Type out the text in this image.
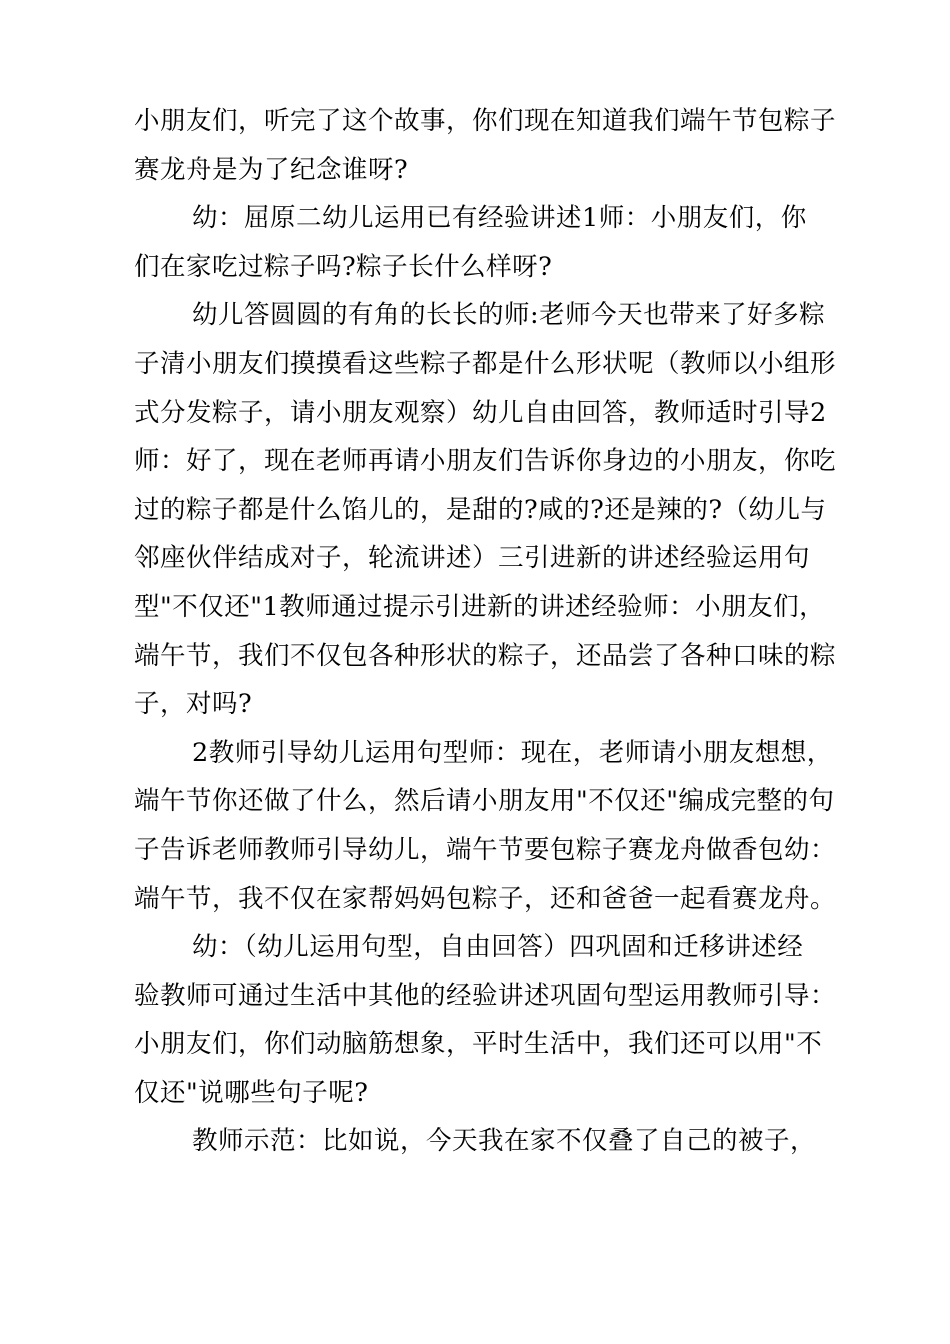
小朋友们，听完了这个故事，你们现在知道我们端午节包粽子
赛龙舟是为了纪念谁呀?

幼：屈原二幼儿运用已有经验讲述1师：小朋友们，你
们在家吃过粽子吗?粽子长什么样呀?

幼儿答圆圆的有角的长长的师:老师今天也带来了好多粽
子清小朋友们摸摸看这些粽子都是什么形状呢（教师以小组形
式分发粽子，请小朋友观察）幼儿自由回答，教师适时引导2
师：好了，现在老师再请小朋友们告诉你身边的小朋友，你吃
过的粽子都是什么馅儿的，是甜的?咸的?还是辣的?（幼儿与
邻座伙伴结成对子，轮流讲述）三引进新的讲述经验运用句
型"不仅还"1教师通过提示引进新的讲述经验师：小朋友们，
端午节，我们不仅包各种形状的粽子，还品尝了各种口味的粽
子，对吗?

2教师引导幼儿运用句型师：现在，老师请小朋友想想，
端午节你还做了什么，然后请小朋友用"不仅还"编成完整的句
子告诉老师教师引导幼儿，端午节要包粽子赛龙舟做香包幼：
端午节，我不仅在家帮妈妈包粽子，还和爸爸一起看赛龙舟。

幼：（幼儿运用句型，自由回答）四巩固和迁移讲述经
验教师可通过生活中其他的经验讲述巩固句型运用教师引导：
小朋友们，你们动脑筋想象，平时生活中，我们还可以用"不
仅还"说哪些句子呢?

教师示范：比如说，今天我在家不仅叠了自己的被子，
